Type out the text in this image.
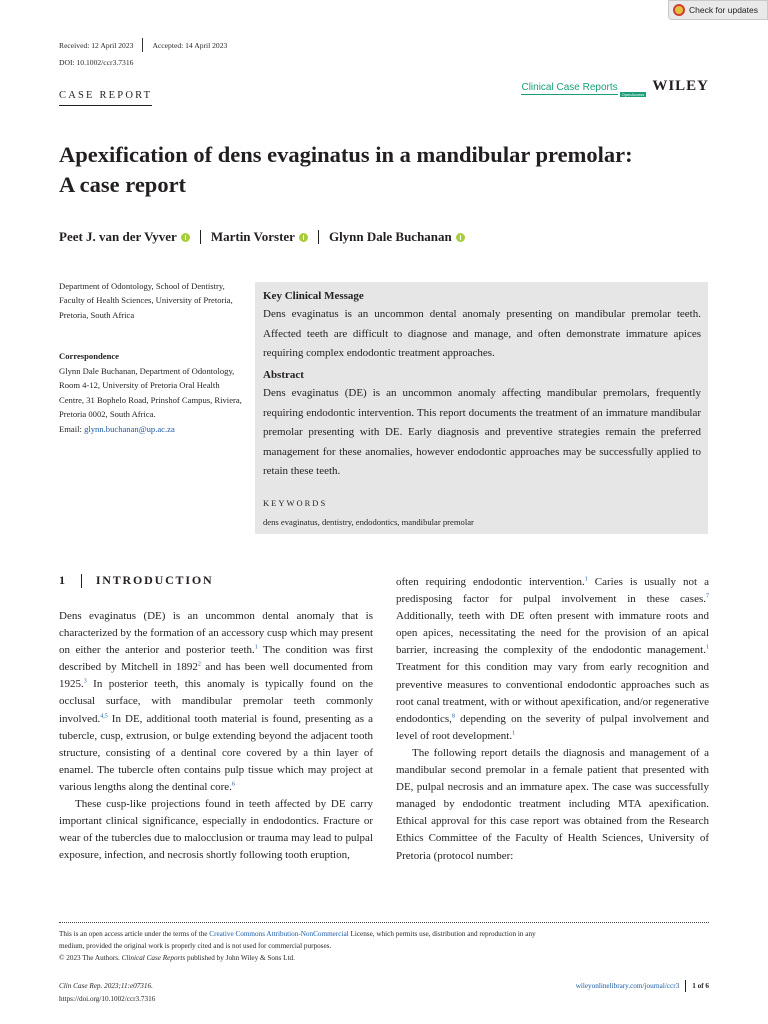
Check for updates
Received: 12 April 2023	Accepted: 14 April 2023
DOI: 10.1002/ccr3.7316
CASE REPORT
Clinical Case Reports
OpenAccess
WILEY
Apexification of dens evaginatus in a mandibular premolar:
A case report
Peet J. van der Vyver	Martin Vorster	Glynn Dale Buchanan
Department of Odontology, School of Dentistry, Faculty of Health Sciences, University of Pretoria, Pretoria, South Africa
Correspondence
Glynn Dale Buchanan, Department of Odontology, Room 4-12, University of Pretoria Oral Health Centre, 31 Bophelo Road, Prinshof Campus, Riviera, Pretoria 0002, South Africa.
Email: glynn.buchanan@up.ac.za
Key Clinical Message

Dens evaginatus is an uncommon dental anomaly presenting on mandibular premolar teeth. Affected teeth are difficult to diagnose and manage, and often demonstrate immature apices requiring complex endodontic treatment approaches.

Abstract

Dens evaginatus (DE) is an uncommon anomaly affecting mandibular premolars, frequently requiring endodontic intervention. This report documents the treatment of an immature mandibular premolar presenting with DE. Early diagnosis and preventive strategies remain the preferred management for these anomalies, however endodontic approaches may be successfully applied to retain these teeth.

KEYWORDS
dens evaginatus, dentistry, endodontics, mandibular premolar
1 INTRODUCTION

Dens evaginatus (DE) is an uncommon dental anomaly that is characterized by the formation of an accessory cusp which may present on either the anterior and posterior teeth.$^1$ The condition was first described by Mitchell in 1892$^2$ and has been well documented from 1925.$^3$ In posterior teeth, this anomaly is typically found on the occlusal surface, with mandibular premolar teeth commonly involved.$^{4,5}$ In DE, additional tooth material is found, presenting as a tubercle, cusp, extrusion, or bulge extending beyond the adjacent tooth structure, consisting of a dentinal core covered by a thin layer of enamel. The tubercle often contains pulp tissue which may project at various lengths along the dentinal core.$^6$

These cusp-like projections found in teeth affected by DE carry important clinical significance, especially in endodontics. Fracture or wear of the tubercles due to malocclusion or trauma may lead to pulpal exposure, infection, and necrosis shortly following tooth eruption,

often requiring endodontic intervention.$^1$ Caries is usually not a predisposing factor for pulpal involvement in these cases.$^7$ Additionally, teeth with DE often present with immature roots and open apices, necessitating the need for the provision of an apical barrier, increasing the complexity of the endodontic management.$^1$ Treatment for this condition may vary from early recognition and preventive measures to conventional endodontic approaches such as root canal treatment, with or without apexification, and/or regenerative endodontics,$^8$ depending on the severity of pulpal involvement and level of root development.$^1$

The following report details the diagnosis and management of a mandibular second premolar in a female patient that presented with DE, pulpal necrosis and an immature apex. The case was successfully managed by endodontic treatment including MTA apexification. Ethical approval for this case report was obtained from the Research Ethics Committee of the Faculty of Health Sciences, University of Pretoria (protocol number:

This is an open access article under the terms of the Creative Commons Attribution-NonCommercial License, which permits use, distribution and reproduction in any
medium, provided the original work is properly cited and is not used for commercial purposes.
© 2023 The Authors. Clinical Case Reports published by John Wiley & Sons Ltd.
Clin Case Rep. 2023;11:e07316.
https://doi.org/10.1002/ccr3.7316
wileyonlinelibrary.com/journal/ccr3 1 of 6
